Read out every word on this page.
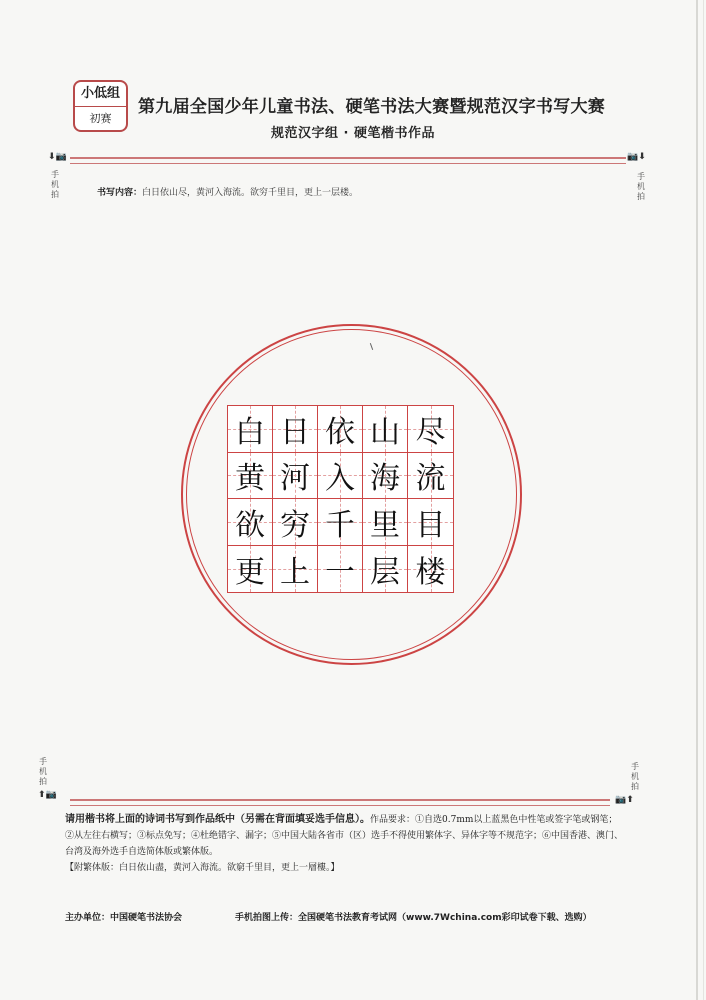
小低组
初赛
第九届全国少年儿童书法、硬笔书法大赛暨规范汉字书写大赛
规范汉字组 · 硬笔楷书作品
⬇📷	📷⬇
手机拍
手机拍
书写内容：白日依山尽，黄河入海流。欲穷千里目，更上一层楼。
白 日 依 山 尽
黄 河 入 海 流
欲 穷 千 里 目
更 上 一 层 楼
手机拍
手机拍
⬆📷	📷⬆
请用楷书将上面的诗词书写到作品纸中（另需在背面填妥选手信息）。作品要求：①自选0.7mm以上蓝黑色中性笔或签字笔或钢笔；②从左往右横写；③标点免写；④杜绝错字、漏字；⑤中国大陆各省市（区）选手不得使用繁体字、异体字等不规范字；⑥中国香港、澳门、台湾及海外选手自选简体版或繁体版。
【附繁体版：白日依山盡，黄河入海流。欲窮千里目，更上一層樓。】
主办单位：中国硬笔书法协会	手机拍图上传：全国硬笔书法教育考试网（www.7Wchina.com彩印试卷下载、选购）
